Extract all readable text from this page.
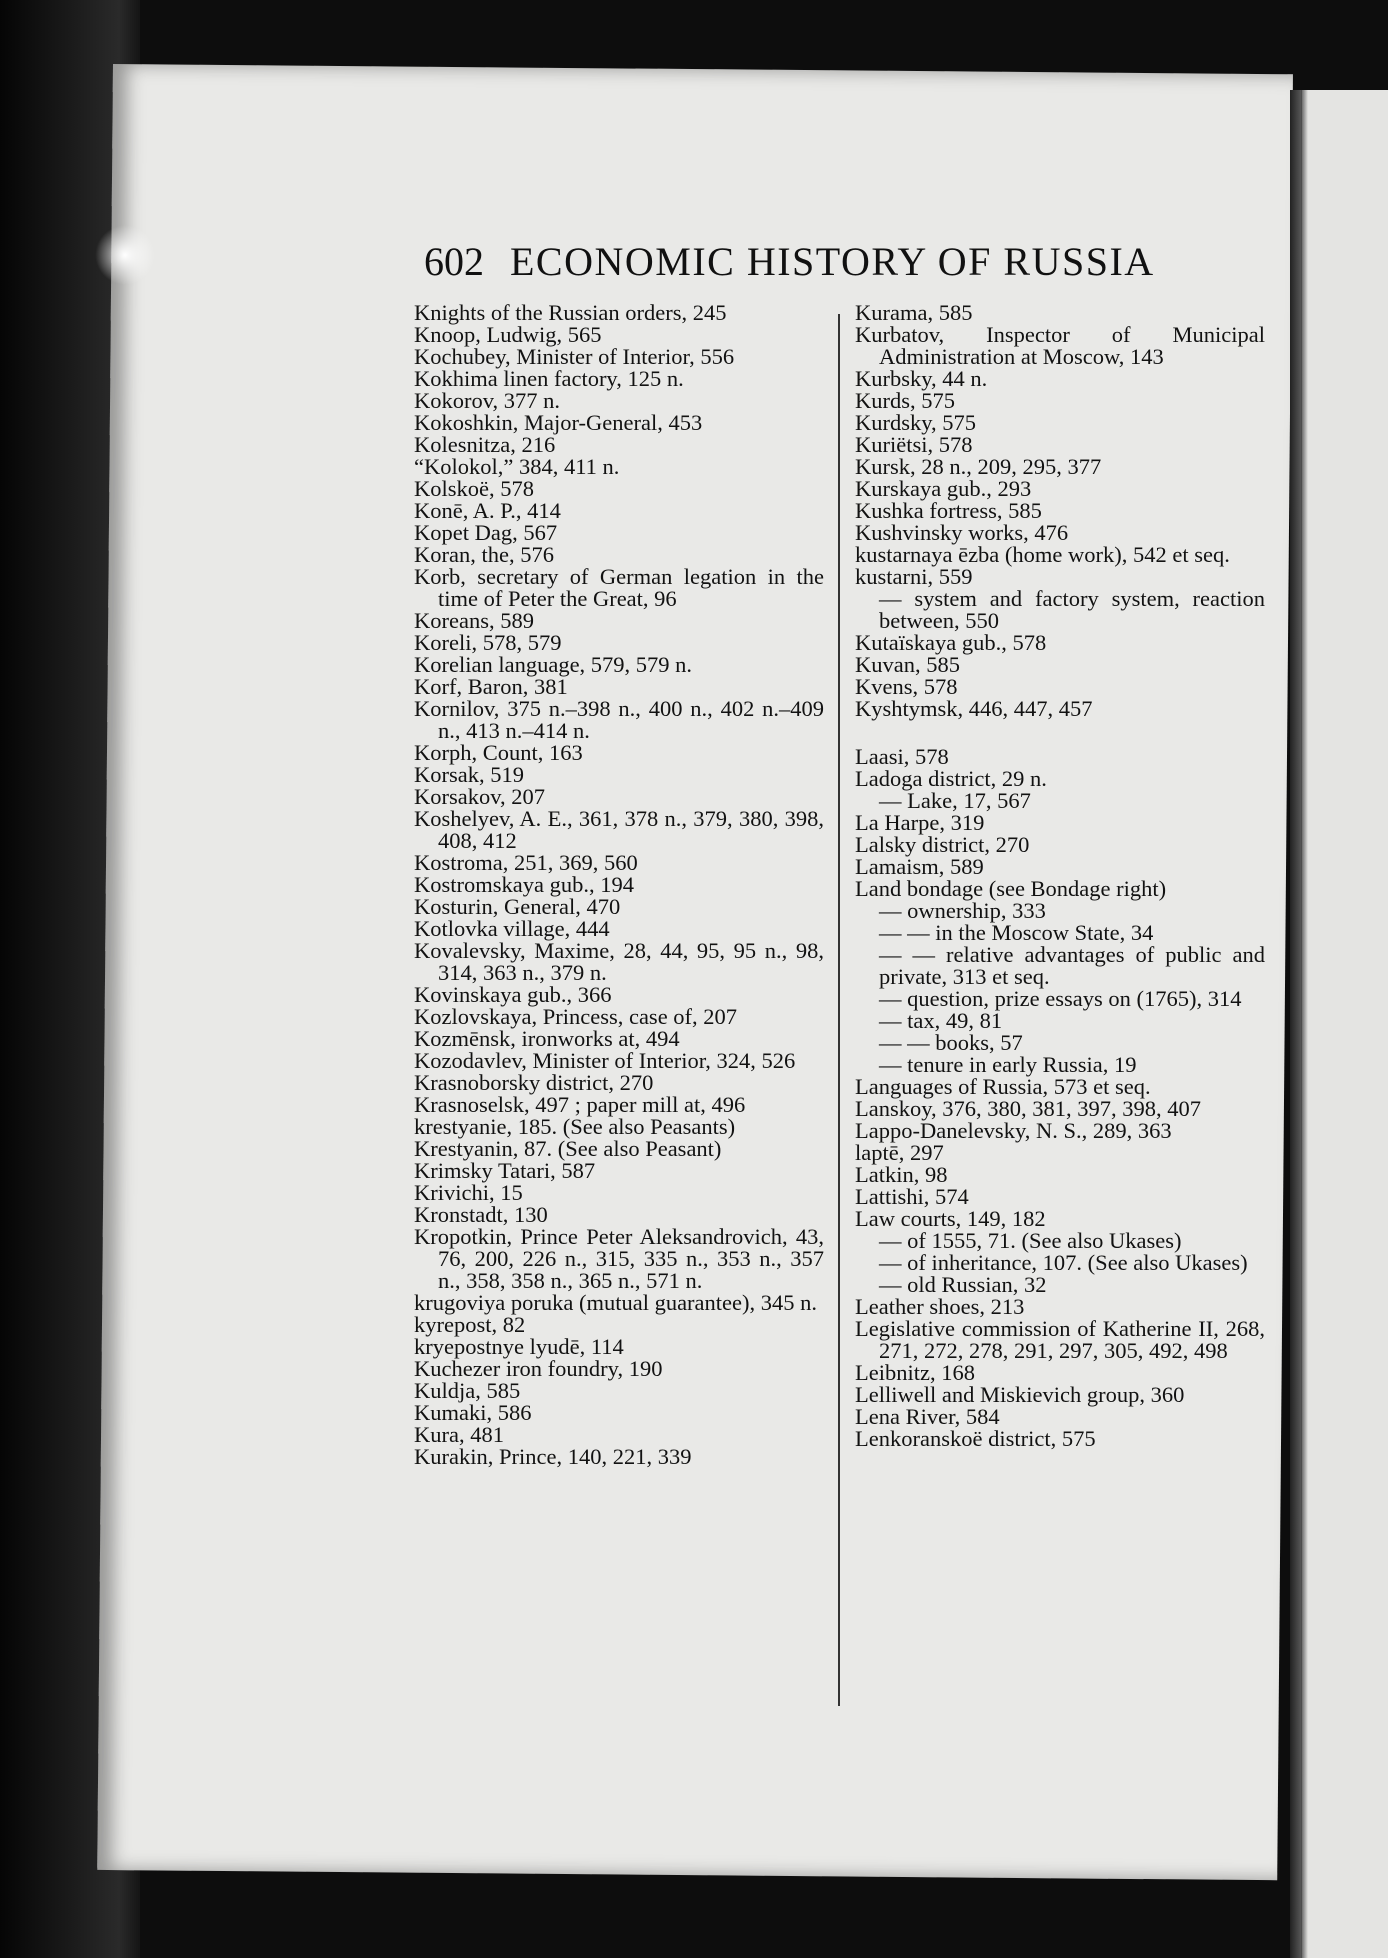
602 ECONOMIC HISTORY OF RUSSIA

Knights of the Russian orders, 245

Knoop, Ludwig, 565

Kochubey, Minister of Interior, 556

Kokhima linen factory, 125 n.

Kokorov, 377 n.

Kokoshkin, Major-General, 453

Kolesnitza, 216

“Kolokol,” 384, 411 n.

Kolskoë, 578

Konē, A. P., 414

Kopet Dag, 567

Koran, the, 576

Korb, secretary of German legation in the time of Peter the Great, 96

Koreans, 589

Koreli, 578, 579

Korelian language, 579, 579 n.

Korf, Baron, 381

Kornilov, 375 n.–398 n., 400 n., 402 n.–409 n., 413 n.–414 n.

Korph, Count, 163

Korsak, 519

Korsakov, 207

Koshelyev, A. E., 361, 378 n., 379, 380, 398, 408, 412

Kostroma, 251, 369, 560

Kostromskaya gub., 194

Kosturin, General, 470

Kotlovka village, 444

Kovalevsky, Maxime, 28, 44, 95, 95 n., 98, 314, 363 n., 379 n.

Kovinskaya gub., 366

Kozlovskaya, Princess, case of, 207

Kozmēnsk, ironworks at, 494

Kozodavlev, Minister of Interior, 324, 526

Krasnoborsky district, 270

Krasnoselsk, 497 ; paper mill at, 496

krestyanie, 185. (See also Peasants)

Krestyanin, 87. (See also Peasant)

Krimsky Tatari, 587

Krivichi, 15

Kronstadt, 130

Kropotkin, Prince Peter Aleksandrovich, 43, 76, 200, 226 n., 315, 335 n., 353 n., 357 n., 358, 358 n., 365 n., 571 n.

krugoviya poruka (mutual guarantee), 345 n.

kyrepost, 82

kryepostnye lyudē, 114

Kuchezer iron foundry, 190

Kuldja, 585

Kumaki, 586

Kura, 481

Kurakin, Prince, 140, 221, 339

Kurama, 585

Kurbatov, Inspector of Municipal Administration at Moscow, 143

Kurbsky, 44 n.

Kurds, 575

Kurdsky, 575

Kuriëtsi, 578

Kursk, 28 n., 209, 295, 377

Kurskaya gub., 293

Kushka fortress, 585

Kushvinsky works, 476

kustarnaya ēzba (home work), 542 et seq.

kustarni, 559

— system and factory system, reaction between, 550

Kutaïskaya gub., 578

Kuvan, 585

Kvens, 578

Kyshtymsk, 446, 447, 457

Laasi, 578

Ladoga district, 29 n.

— Lake, 17, 567

La Harpe, 319

Lalsky district, 270

Lamaism, 589

Land bondage (see Bondage right)

— ownership, 333

— — in the Moscow State, 34

— — relative advantages of public and private, 313 et seq.

— question, prize essays on (1765), 314

— tax, 49, 81

— — books, 57

— tenure in early Russia, 19

Languages of Russia, 573 et seq.

Lanskoy, 376, 380, 381, 397, 398, 407

Lappo-Danelevsky, N. S., 289, 363

laptē, 297

Latkin, 98

Lattishi, 574

Law courts, 149, 182

— of 1555, 71. (See also Ukases)

— of inheritance, 107. (See also Ukases)

— old Russian, 32

Leather shoes, 213

Legislative commission of Katherine II, 268, 271, 272, 278, 291, 297, 305, 492, 498

Leibnitz, 168

Lelliwell and Miskievich group, 360

Lena River, 584

Lenkoranskoë district, 575
